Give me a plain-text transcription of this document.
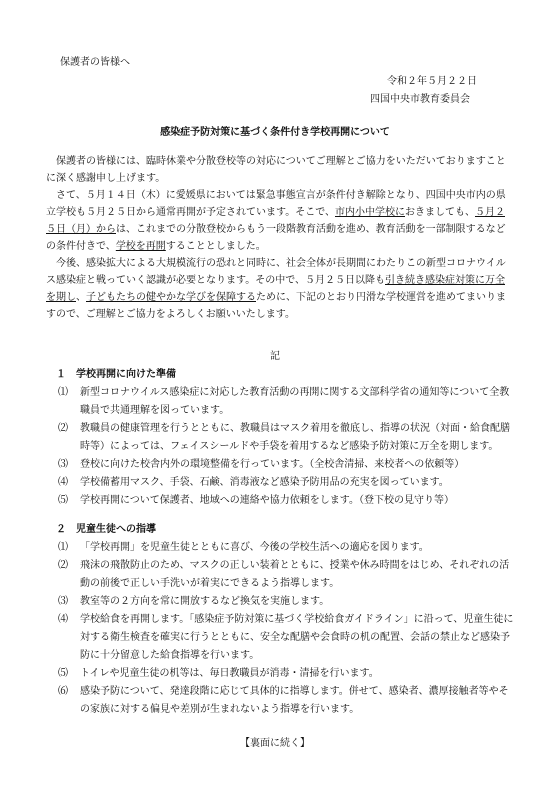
保護者の皆様へ
令和２年５月２２日
四国中央市教育委員会
感染症予防対策に基づく条件付き学校再開について

保護者の皆様には、臨時休業や分散登校等の対応についてご理解とご協力をいただいておりますことに深く感謝申し上げます。

さて、５月１４日（木）に愛媛県においては緊急事態宣言が条件付き解除となり、四国中央市内の県立学校も５月２５日から通常再開が予定されています。そこで、市内小中学校におきましても、５月２５日（月）からは、これまでの分散登校からもう一段階教育活動を進め、教育活動を一部制限するなどの条件付きで、学校を再開することとしました。

今後、感染拡大による大規模流行の恐れと同時に、社会全体が長期間にわたりこの新型コロナウイルス感染症と戦っていく認識が必要となります。その中で、５月２５日以降も引き続き感染症対策に万全を期し、子どもたちの健やかな学びを保障するために、下記のとおり円滑な学校運営を進めてまいりますので、ご理解とご協力をよろしくお願いいたします。

記
１　学校再開に向けた準備
⑴	新型コロナウイルス感染症に対応した教育活動の再開に関する文部科学省の通知等について全教職員で共通理解を図っています。
⑵	教職員の健康管理を行うとともに、教職員はマスク着用を徹底し、指導の状況（対面・給食配膳時等）によっては、フェイスシールドや手袋を着用するなど感染予防対策に万全を期します。
⑶	登校に向けた校舎内外の環境整備を行っています。（全校舎清掃、来校者への依頼等）
⑷	学校備蓄用マスク、手袋、石鹸、消毒液など感染予防用品の充実を図っています。
⑸	学校再開について保護者、地域への連絡や協力依頼をします。（登下校の見守り等）
２　児童生徒への指導
⑴	「学校再開」を児童生徒とともに喜び、今後の学校生活への適応を図ります。
⑵	飛沫の飛散防止のため、マスクの正しい装着とともに、授業や休み時間をはじめ、それぞれの活動の前後で正しい手洗いが着実にできるよう指導します。
⑶	教室等の２方向を常に開放するなど換気を実施します。
⑷	学校給食を再開します。「感染症予防対策に基づく学校給食ガイドライン」に沿って、児童生徒に対する衛生検査を確実に行うとともに、安全な配膳や会食時の机の配置、会話の禁止など感染予防に十分留意した給食指導を行います。
⑸	トイレや児童生徒の机等は、毎日教職員が消毒・清掃を行います。
⑹	感染予防について、発達段階に応じて具体的に指導します。併せて、感染者、濃厚接触者等やその家族に対する偏見や差別が生まれないよう指導を行います。
【裏面に続く】
